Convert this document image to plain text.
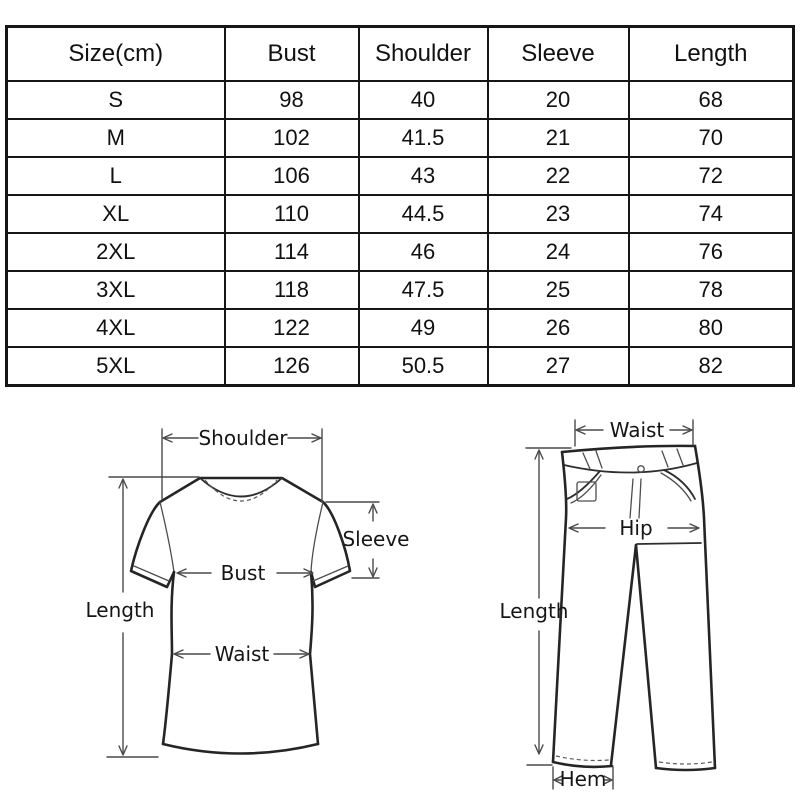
Size(cm)	Bust	Shoulder	Sleeve	Length
S	98	40	20	68
M	102	41.5	21	70
L	106	43	22	72
XL	110	44.5	23	74
2XL	114	46	24	76
3XL	118	47.5	25	78
4XL	122	49	26	80
5XL	126	50.5	27	82
Shoulder
Length
Sleeve
Bust
Waist
Waist
Length
Hip
Hem
